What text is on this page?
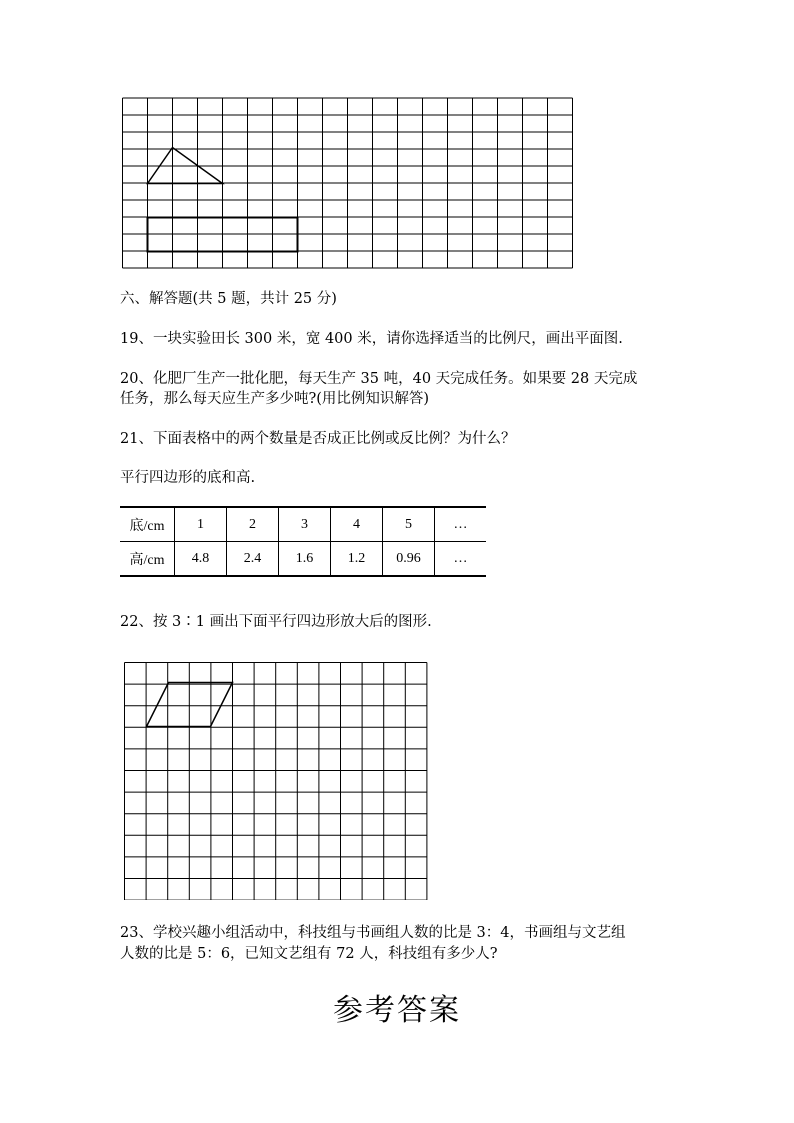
六、解答题(共 5 题，共计 25 分)
19、一块实验田长 300 米，宽 400 米，请你选择适当的比例尺，画出平面图.
20、化肥厂生产一批化肥，每天生产 35 吨，40 天完成任务。如果要 28 天完成
任务，那么每天应生产多少吨?(用比例知识解答)
21、下面表格中的两个数量是否成正比例或反比例？为什么？
平行四边形的底和高.
底/cm	1	2	3	4	5	…
高/cm	4.8	2.4	1.6	1.2	0.96	…
22、按 3∶1 画出下面平行四边形放大后的图形.
23、学校兴趣小组活动中，科技组与书画组人数的比是 3：4，书画组与文艺组
人数的比是 5：6，已知文艺组有 72 人，科技组有多少人?
参考答案
